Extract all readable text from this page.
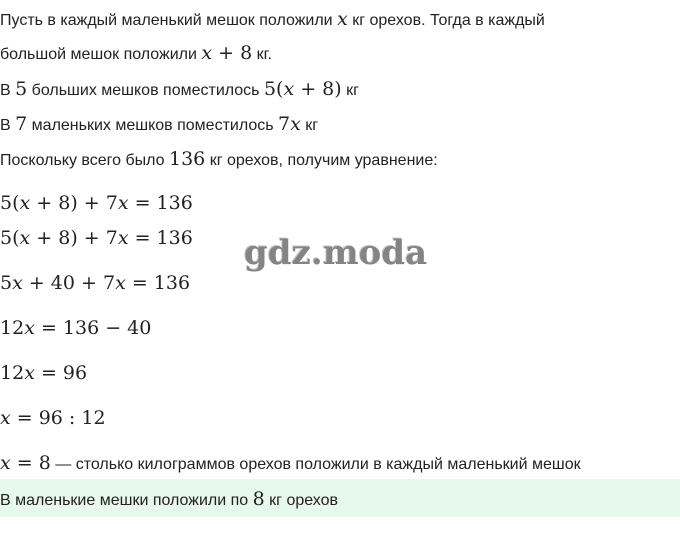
Пусть в каждый маленький мешок положили x кг орехов. Тогда в каждый
большой мешок положили x + 8 кг.
В 5 больших мешков поместилось 5(x + 8) кг
В 7 маленьких мешков поместилось 7x кг
Поскольку всего было 136 кг орехов, получим уравнение:
5(x + 8) + 7x = 136
5(x + 8) + 7x = 136 gdz.moda
5x + 40 + 7x = 136
12x = 136 − 40
12x = 96
x = 96 : 12
x = 8 — столько килограммов орехов положили в каждый маленький мешок
В маленькие мешки положили по 8 кг орехов
